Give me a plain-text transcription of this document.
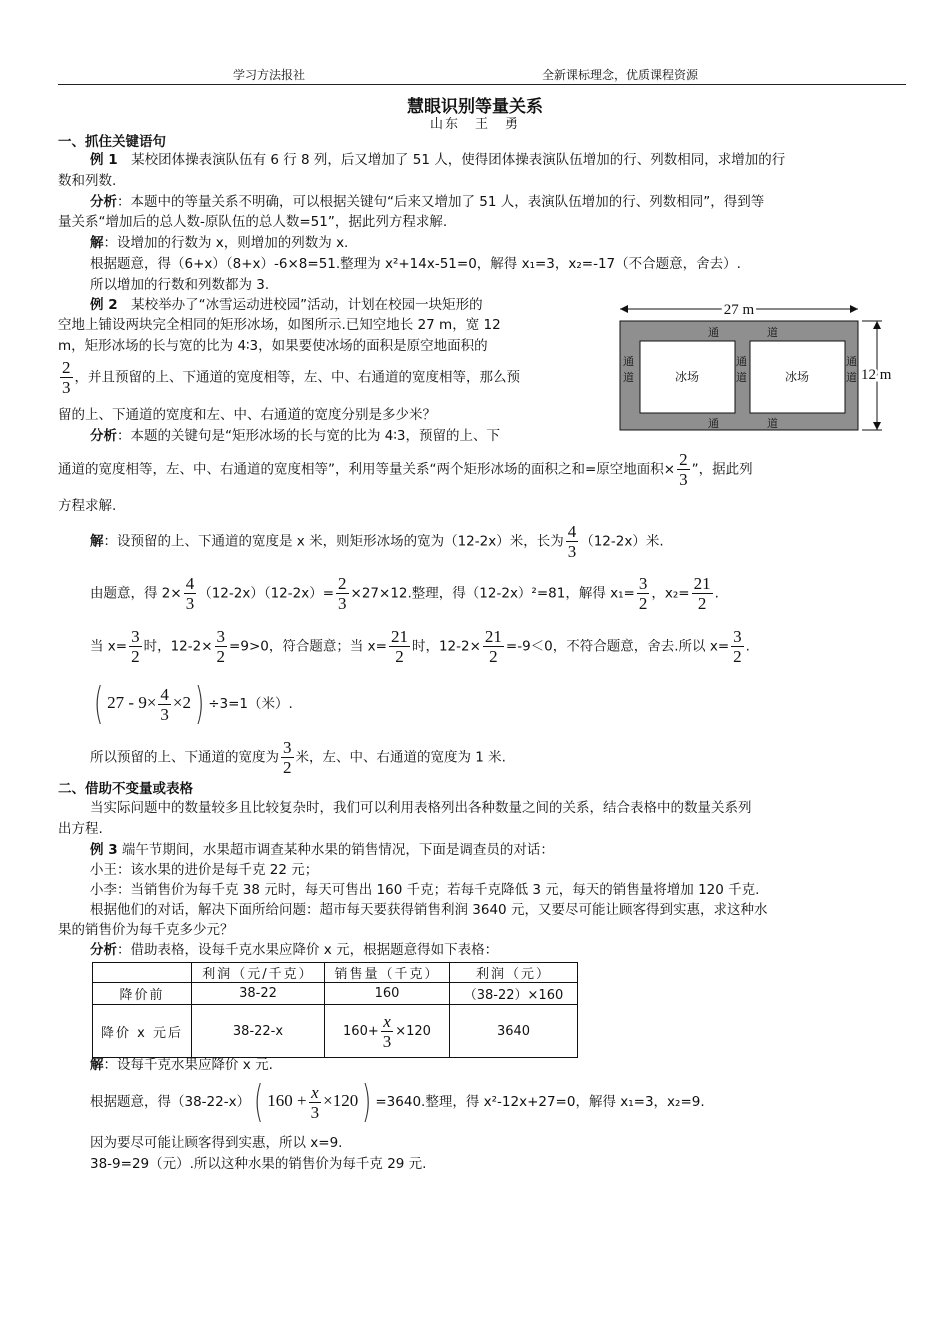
学习方法报社	全新课标理念，优质课程资源
慧眼识别等量关系
山东　王　勇
一、抓住关键语句
例 1　某校团体操表演队伍有 6 行 8 列，后又增加了 51 人，使得团体操表演队伍增加的行、列数相同，求增加的行
数和列数.
分析：本题中的等量关系不明确，可以根据关键句“后来又增加了 51 人，表演队伍增加的行、列数相同”，得到等
量关系“增加后的总人数-原队伍的总人数=51”，据此列方程求解.
解：设增加的行数为 x，则增加的列数为 x.
根据题意，得（6+x）（8+x）-6×8=51.整理为 x²+14x-51=0，解得 x₁=3，x₂=-17（不合题意，舍去）.
所以增加的行数和列数都为 3.
例 2　某校举办了“冰雪运动进校园”活动，计划在校园一块矩形的
空地上铺设两块完全相同的矩形冰场，如图所示.已知空地长 27 m，宽 12
m，矩形冰场的长与宽的比为 4∶3，如果要使冰场的面积是原空地面积的
$\frac{2}{3}$ ，并且预留的上、下通道的宽度相等，左、中、右通道的宽度相等，那么预
留的上、下通道的宽度和左、中、右通道的宽度分别是多少米？
分析：本题的关键句是“矩形冰场的长与宽的比为 4∶3，预留的上、下
通道的宽度相等，左、中、右通道的宽度相等”，利用等量关系“两个矩形冰场的面积之和=原空地面积× $\frac{2}{3}$ ”，据此列
方程求解.
解：设预留的上、下通道的宽度是 x 米，则矩形冰场的宽为（12-2x）米，长为 $\frac{4}{3} (12-2x)$米.
由题意，得 $2\times \frac{4}{3} (12-2x)(12-2x)= \frac{2}{3} \times 27\times 12$.整理，得（12-2x）²=81，解得 $x_1= \frac{3}{2}$ ，$x_2= \frac{21}{2}$ .
当 $x= \frac{3}{2}$ 时，$12-2\times \frac{3}{2} =9>0$，符合题意；当 $x= \frac{21}{2}$ 时，$12-2\times \frac{21}{2} =-9<0$，不符合题意，舍去.所以 $x= \frac{3}{2}$ .
( $27 - 9\times \frac{4}{3} \times 2) \div 3=1$（米）.
所以预留的上、下通道的宽度为 $\frac{3}{2}$ 米，左、中、右通道的宽度为 1 米.
27 m
冰场	冰场
通	道
通	道
通
道
通
道
通
道 12 m
二、借助不变量或表格
当实际问题中的数量较多且比较复杂时，我们可以利用表格列出各种数量之间的关系，结合表格中的数量关系列
出方程.
例 3 端午节期间，水果超市调查某种水果的销售情况，下面是调查员的对话：
小王：该水果的进价是每千克 22 元；
小李：当销售价为每千克 38 元时，每天可售出 160 千克；若每千克降低 3 元，每天的销售量将增加 120 千克.
根据他们的对话，解决下面所给问题：超市每天要获得销售利润 3640 元，又要尽可能让顾客得到实惠，求这种水
果的销售价为每千克多少元？
分析：借助表格，设每千克水果应降价 x 元，根据题意得如下表格：
	利润（元/千克）	销售量（千克）	利润（元）
降价前	38-22	160	（38-22）×160
降价 x 元后	38-22-x	$160+ \frac{x}{3} \times 120$	3640
解：设每千克水果应降价 x 元.
根据题意，得（38-22-x）( $160 + \frac{x}{3} \times 120) =3640$.整理，得 x²-12x+27=0，解得 x₁=3，x₂=9.
因为要尽可能让顾客得到实惠，所以 x=9.
38-9=29（元）.所以这种水果的销售价为每千克 29 元.
